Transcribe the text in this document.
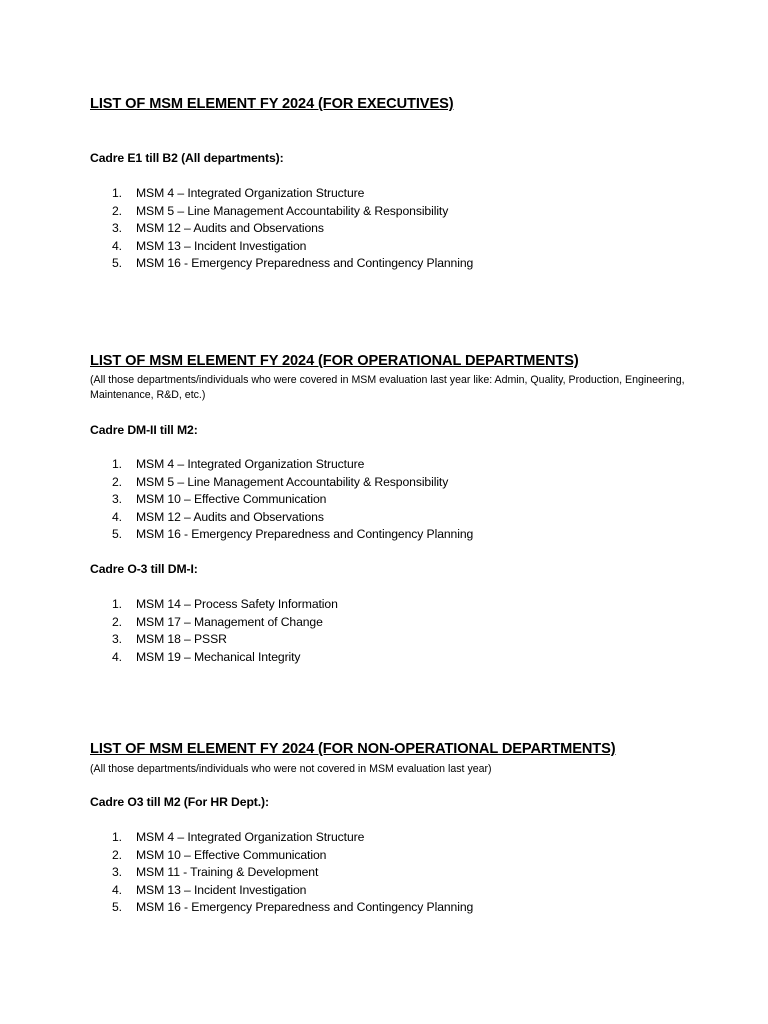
LIST OF MSM ELEMENT FY 2024 (FOR EXECUTIVES)

Cadre E1 till B2 (All departments):

1. MSM 4 – Integrated Organization Structure
2. MSM 5 – Line Management Accountability & Responsibility
3. MSM 12 – Audits and Observations
4. MSM 13 – Incident Investigation
5. MSM 16 - Emergency Preparedness and Contingency Planning
LIST OF MSM ELEMENT FY 2024 (FOR OPERATIONAL DEPARTMENTS)

(All those departments/individuals who were covered in MSM evaluation last year like: Admin, Quality, Production, Engineering, Maintenance, R&D, etc.)

Cadre DM-II till M2:

1. MSM 4 – Integrated Organization Structure
2. MSM 5 – Line Management Accountability & Responsibility
3. MSM 10 – Effective Communication
4. MSM 12 – Audits and Observations
5. MSM 16 - Emergency Preparedness and Contingency Planning

Cadre O-3 till DM-I:

1. MSM 14 – Process Safety Information
2. MSM 17 – Management of Change
3. MSM 18 – PSSR
4. MSM 19 – Mechanical Integrity
LIST OF MSM ELEMENT FY 2024 (FOR NON-OPERATIONAL DEPARTMENTS)

(All those departments/individuals who were not covered in MSM evaluation last year)

Cadre O3 till M2 (For HR Dept.):

1. MSM 4 – Integrated Organization Structure
2. MSM 10 – Effective Communication
3. MSM 11 - Training & Development
4. MSM 13 – Incident Investigation
5. MSM 16 - Emergency Preparedness and Contingency Planning
